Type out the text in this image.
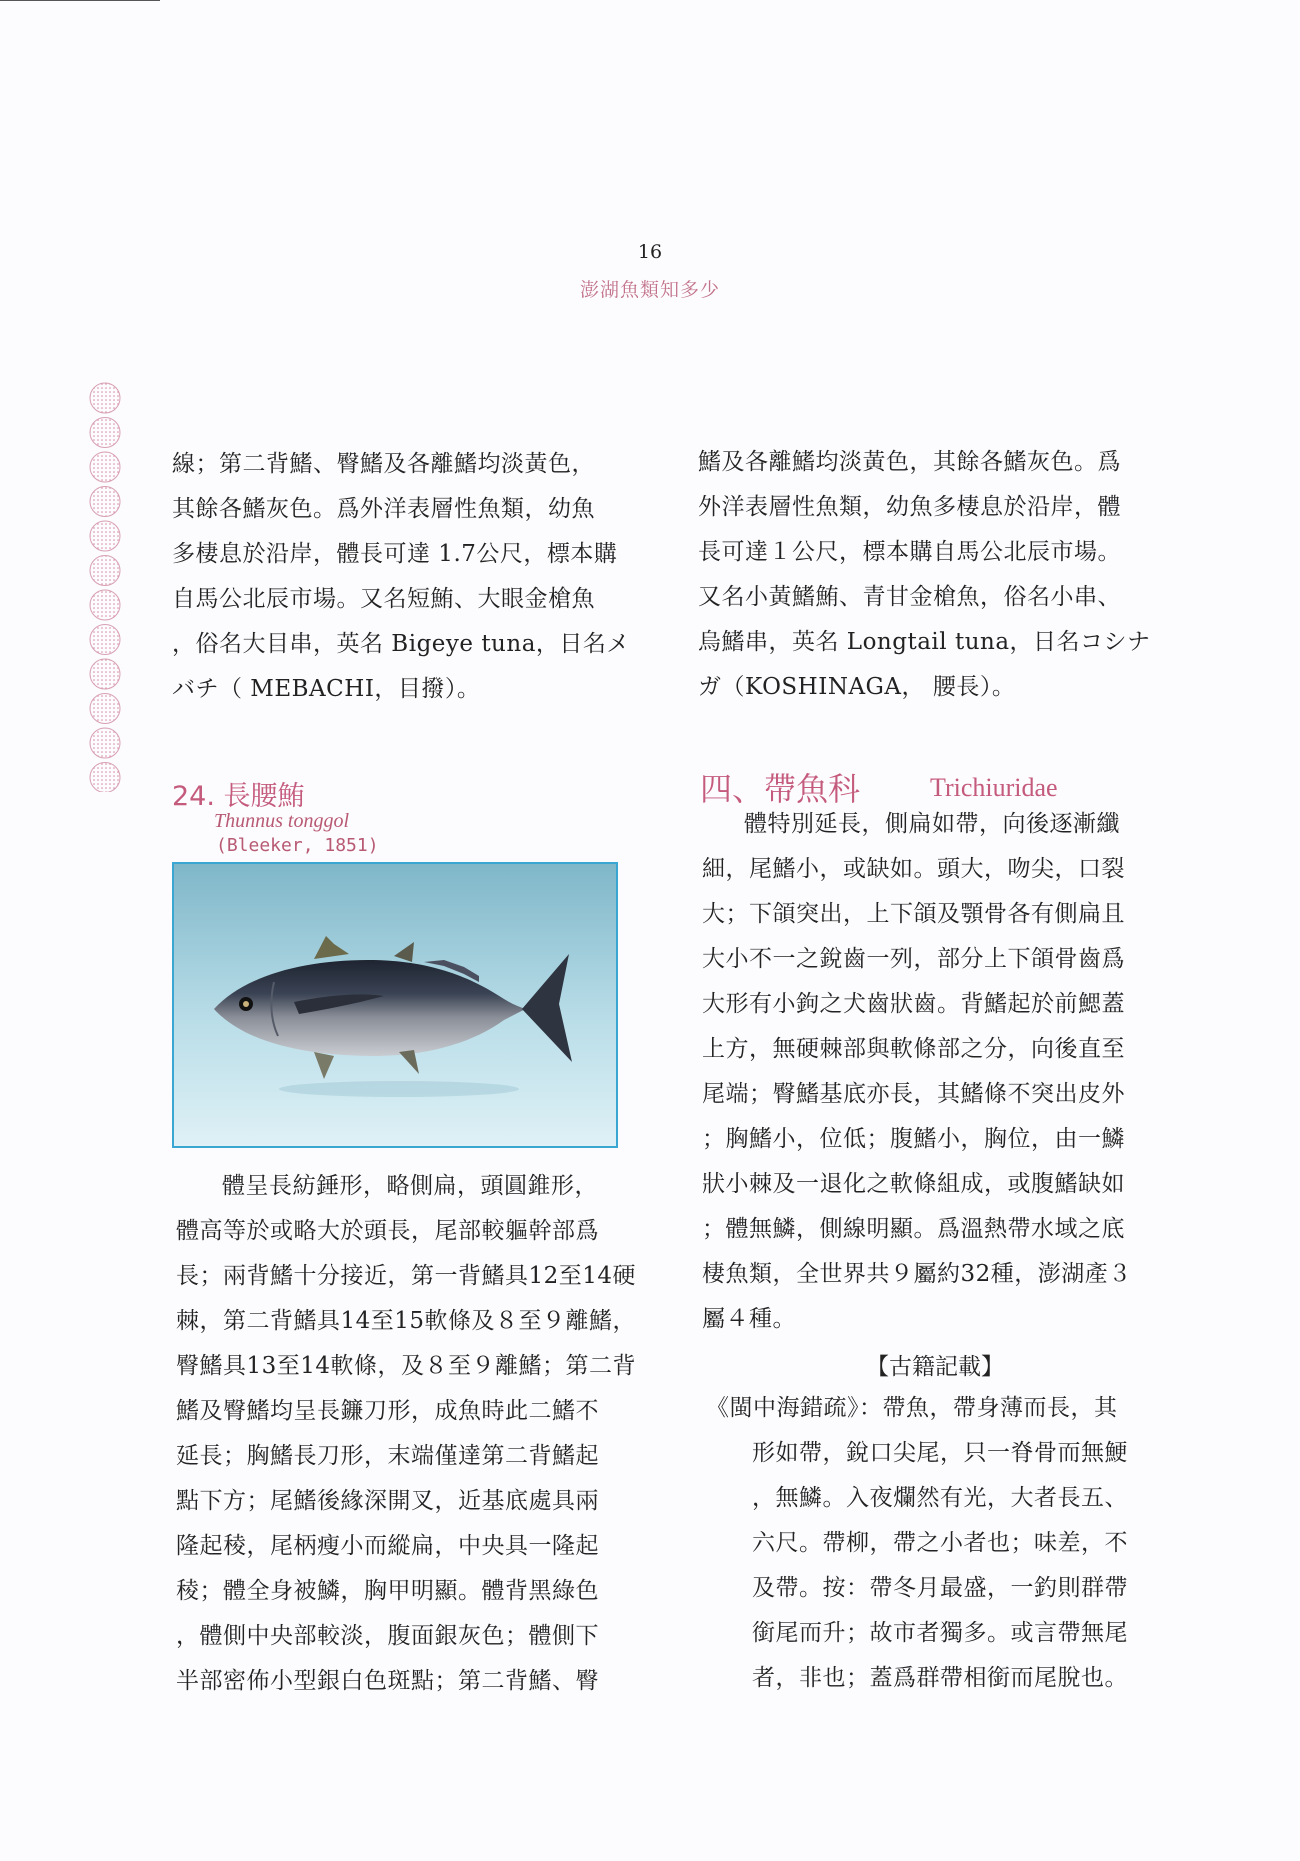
16
澎湖魚類知多少
線；第二背鰭、臀鰭及各離鰭均淡黃色，
其餘各鰭灰色。爲外洋表層性魚類，幼魚
多棲息於沿岸，體長可達 1.7公尺，標本購
自馬公北辰市場。又名短鮪、大眼金槍魚
，俗名大目串，英名 Bigeye tuna，日名メ
バチ（ MEBACHI，目撥）。
24. 長腰鮪
Thunnus tonggol
(Bleeker, 1851)
體呈長紡錘形，略側扁，頭圓錐形，
體高等於或略大於頭長，尾部較軀幹部爲
長；兩背鰭十分接近，第一背鰭具12至14硬
棘，第二背鰭具14至15軟條及８至９離鰭，
臀鰭具13至14軟條，及８至９離鰭；第二背
鰭及臀鰭均呈長鐮刀形，成魚時此二鰭不
延長；胸鰭長刀形，末端僅達第二背鰭起
點下方；尾鰭後緣深開叉，近基底處具兩
隆起稜，尾柄瘦小而縱扁，中央具一隆起
稜；體全身被鱗，胸甲明顯。體背黑綠色
，體側中央部較淡，腹面銀灰色；體側下
半部密佈小型銀白色斑點；第二背鰭、臀
鰭及各離鰭均淡黃色，其餘各鰭灰色。爲
外洋表層性魚類，幼魚多棲息於沿岸，體
長可達１公尺，標本購自馬公北辰市場。
又名小黃鰭鮪、青甘金槍魚，俗名小串、
烏鰭串，英名 Longtail tuna，日名コシナ
ガ（KOSHINAGA， 腰長）。
四、帶魚科	Trichiuridae
體特別延長，側扁如帶，向後逐漸纖
細，尾鰭小，或缺如。頭大，吻尖，口裂
大；下頜突出，上下頜及顎骨各有側扁且
大小不一之銳齒一列，部分上下頜骨齒爲
大形有小鉤之犬齒狀齒。背鰭起於前鰓蓋
上方，無硬棘部與軟條部之分，向後直至
尾端；臀鰭基底亦長，其鰭條不突出皮外
；胸鰭小，位低；腹鰭小，胸位，由一鱗
狀小棘及一退化之軟條組成，或腹鰭缺如
；體無鱗，側線明顯。爲溫熱帶水域之底
棲魚類，全世界共９屬約32種，澎湖產３
屬４種。
【古籍記載】
《閩中海錯疏》：帶魚，帶身薄而長，其
形如帶，銳口尖尾，只一脊骨而無鯁
，無鱗。入夜爛然有光，大者長五、
六尺。帶柳，帶之小者也；味差，不
及帶。按：帶冬月最盛，一釣則群帶
銜尾而升；故市者獨多。或言帶無尾
者，非也；蓋爲群帶相銜而尾脫也。
